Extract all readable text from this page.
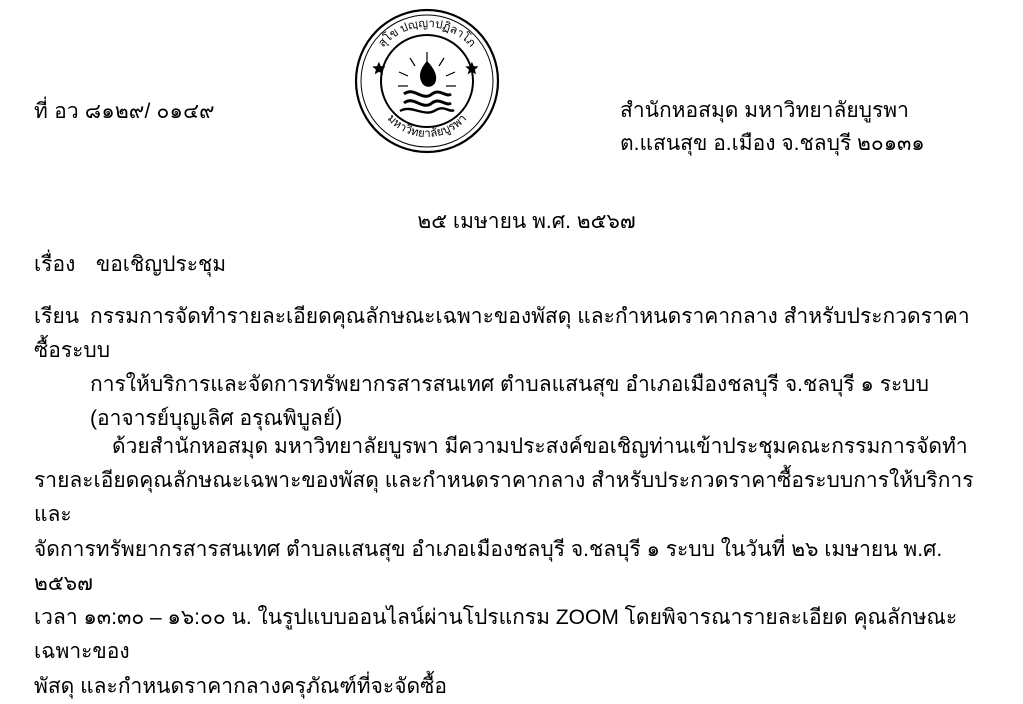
สุโข ปญฺญาปฏิลาโภ
มหาวิทยาลัยบูรพา
ที่ อว ๘๑๒๙/ ๐๑๔๙	สำนักหอสมุด มหาวิทยาลัยบูรพา
ต.แสนสุข อ.เมือง จ.ชลบุรี ๒๐๑๓๑
๒๕ เมษายน พ.ศ. ๒๕๖๗
เรื่อง ขอเชิญประชุม
เรียน กรรมการจัดทำรายละเอียดคุณลักษณะเฉพาะของพัสดุ และกำหนดราคากลาง สำหรับประกวดราคาซื้อระบบ
การให้บริการและจัดการทรัพยากรสารสนเทศ ตำบลแสนสุข อำเภอเมืองชลบุรี จ.ชลบุรี ๑ ระบบ
(อาจารย์บุญเลิศ อรุณพิบูลย์)
ด้วยสำนักหอสมุด มหาวิทยาลัยบูรพา มีความประสงค์ขอเชิญท่านเข้าประชุมคณะกรรมการจัดทำ
รายละเอียดคุณลักษณะเฉพาะของพัสดุ และกำหนดราคากลาง สำหรับประกวดราคาซื้อระบบการให้บริการและ
จัดการทรัพยากรสารสนเทศ ตำบลแสนสุข อำเภอเมืองชลบุรี จ.ชลบุรี ๑ ระบบ ในวันที่ ๒๖ เมษายน พ.ศ. ๒๕๖๗
เวลา ๑๓:๓๐ – ๑๖:๐๐ น. ในรูปแบบออนไลน์ผ่านโปรแกรม ZOOM โดยพิจารณารายละเอียด คุณลักษณะเฉพาะของ
พัสดุ และกำหนดราคากลางครุภัณฑ์ที่จะจัดซื้อ
